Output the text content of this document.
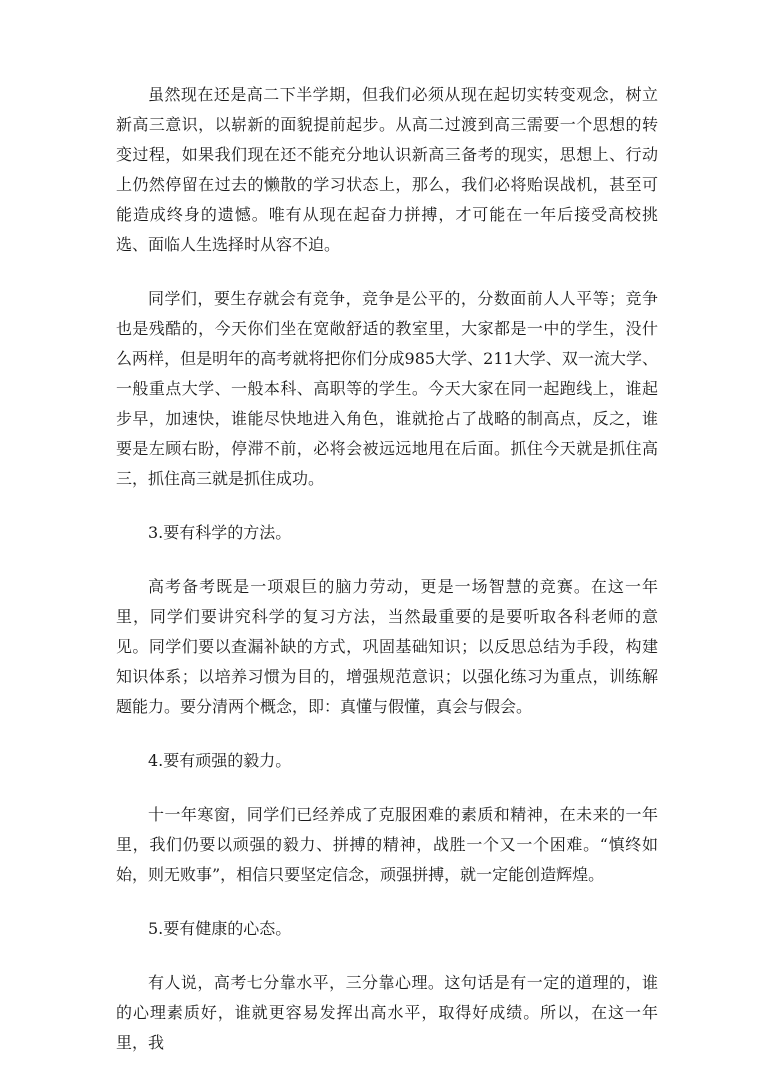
虽然现在还是高二下半学期，但我们必须从现在起切实转变观念，树立新高三意识，以崭新的面貌提前起步。从高二过渡到高三需要一个思想的转变过程，如果我们现在还不能充分地认识新高三备考的现实，思想上、行动上仍然停留在过去的懒散的学习状态上，那么，我们必将贻误战机，甚至可能造成终身的遗憾。唯有从现在起奋力拼搏，才可能在一年后接受高校挑选、面临人生选择时从容不迫。

同学们，要生存就会有竞争，竞争是公平的，分数面前人人平等；竞争也是残酷的，今天你们坐在宽敞舒适的教室里，大家都是一中的学生，没什么两样，但是明年的高考就将把你们分成985大学、211大学、双一流大学、一般重点大学、一般本科、高职等的学生。今天大家在同一起跑线上，谁起步早，加速快，谁能尽快地进入角色，谁就抢占了战略的制高点，反之，谁要是左顾右盼，停滞不前，必将会被远远地甩在后面。抓住今天就是抓住高三，抓住高三就是抓住成功。

3.要有科学的方法。

高考备考既是一项艰巨的脑力劳动，更是一场智慧的竞赛。在这一年里，同学们要讲究科学的复习方法，当然最重要的是要听取各科老师的意见。同学们要以查漏补缺的方式，巩固基础知识；以反思总结为手段，构建知识体系；以培养习惯为目的，增强规范意识；以强化练习为重点，训练解题能力。要分清两个概念，即：真懂与假懂，真会与假会。

4.要有顽强的毅力。

十一年寒窗，同学们已经养成了克服困难的素质和精神，在未来的一年里，我们仍要以顽强的毅力、拼搏的精神，战胜一个又一个困难。“慎终如始，则无败事”，相信只要坚定信念，顽强拼搏，就一定能创造辉煌。

5.要有健康的心态。

有人说，高考七分靠水平，三分靠心理。这句话是有一定的道理的，谁的心理素质好，谁就更容易发挥出高水平，取得好成绩。所以，在这一年里，我
